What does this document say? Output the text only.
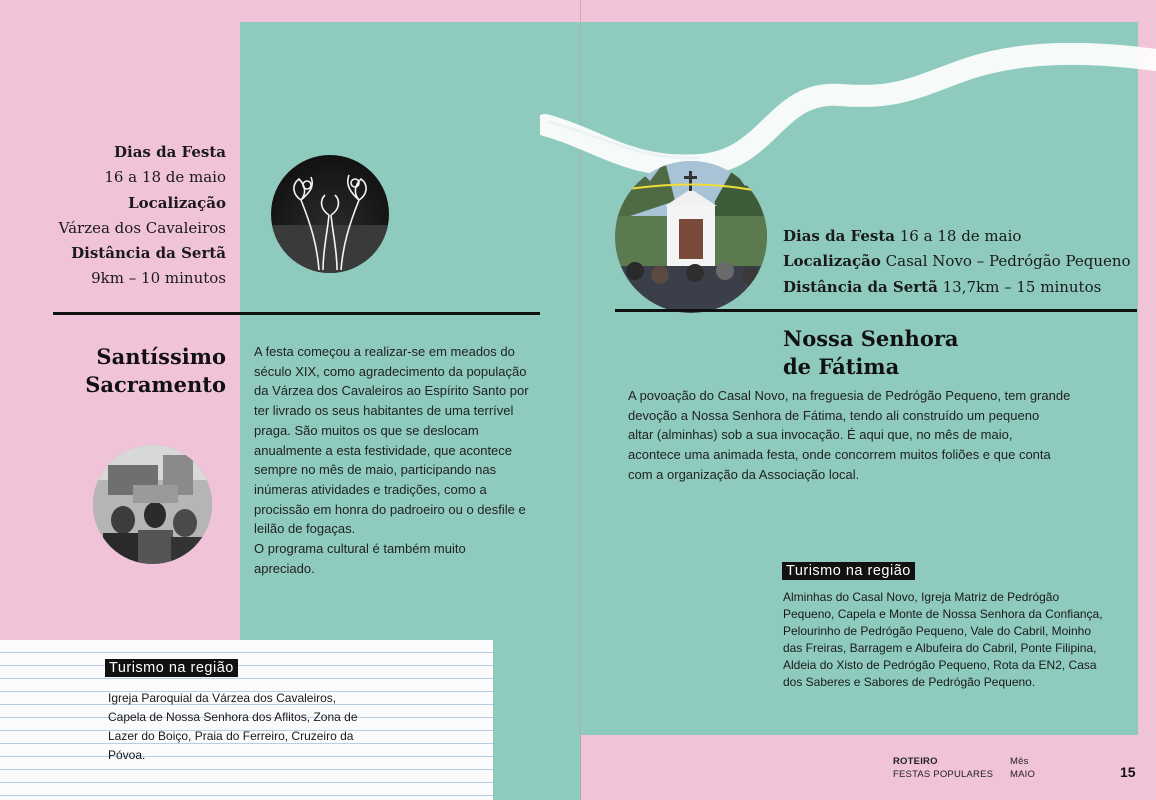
Dias da Festa
16 a 18 de maio
Localização
Várzea dos Cavaleiros
Distância da Sertã
9km – 10 minutos
Santíssimo
Sacramento
A festa começou a realizar-se em meados do
século XIX, como agradecimento da população
da Várzea dos Cavaleiros ao Espírito Santo por
ter livrado os seus habitantes de uma terrível
praga. São muitos os que se deslocam
anualmente a esta festividade, que acontece
sempre no mês de maio, participando nas
inúmeras atividades e tradições, como a
procissão em honra do padroeiro ou o desfile e
leilão de fogaças.
O programa cultural é também muito
apreciado.
Turismo na região
Igreja Paroquial da Várzea dos Cavaleiros,
Capela de Nossa Senhora dos Aflitos, Zona de
Lazer do Boiço, Praia do Ferreiro, Cruzeiro da
Póvoa.
Dias da Festa 16 a 18 de maio
Localização Casal Novo – Pedrógão Pequeno
Distância da Sertã 13,7km – 15 minutos
Nossa Senhora
de Fátima
A povoação do Casal Novo, na freguesia de Pedrógão Pequeno, tem grande
devoção a Nossa Senhora de Fátima, tendo ali construído um pequeno
altar (alminhas) sob a sua invocação. É aqui que, no mês de maio,
acontece uma animada festa, onde concorrem muitos foliões e que conta
com a organização da Associação local.
Turismo na região
Alminhas do Casal Novo, Igreja Matriz de Pedrógão
Pequeno, Capela e Monte de Nossa Senhora da Confiança,
Pelourinho de Pedrógão Pequeno, Vale do Cabril, Moinho
das Freiras, Barragem e Albufeira do Cabril, Ponte Filipina,
Aldeia do Xisto de Pedrógão Pequeno, Rota da EN2, Casa
dos Saberes e Sabores de Pedrógão Pequeno.
ROTEIRO
FESTAS POPULARES
Mês
MAIO	15
